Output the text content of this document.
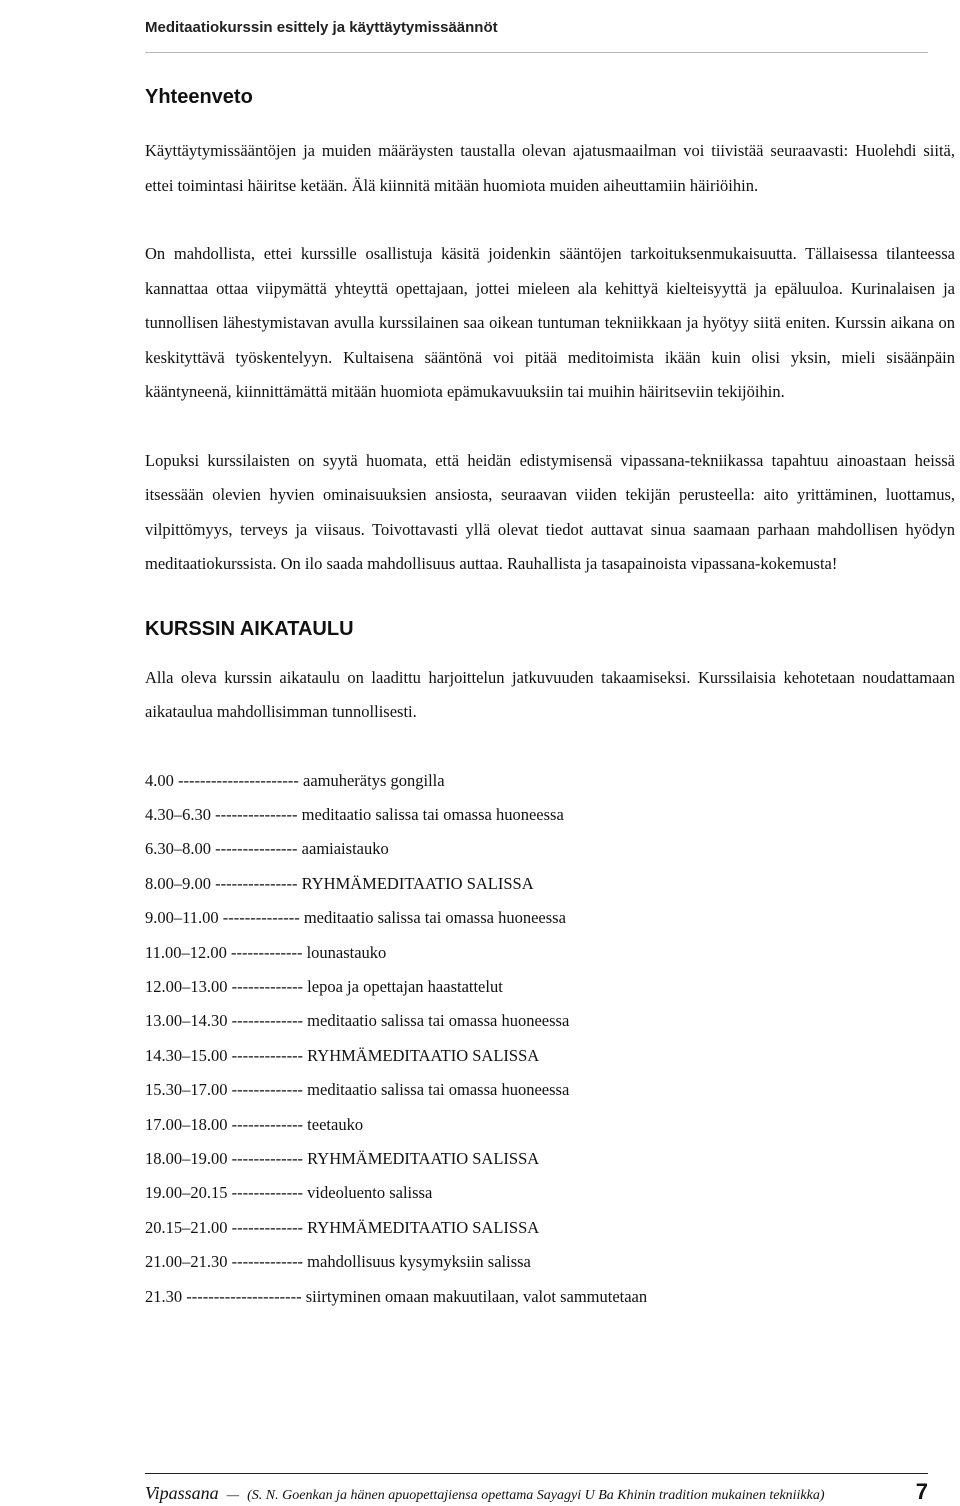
Meditaatiokurssin esittely ja käyttäytymissäännöt
Yhteenveto

Käyttäytymissääntöjen ja muiden määräysten taustalla olevan ajatusmaailman voi tiivistää seuraavasti: Huolehdi siitä, ettei toimintasi häiritse ketään. Älä kiinnitä mitään huomiota muiden aiheuttamiin häiriöihin.

On mahdollista, ettei kurssille osallistuja käsitä joidenkin sääntöjen tarkoituksenmukaisuutta. Tällaisessa tilanteessa kannattaa ottaa viipymättä yhteyttä opettajaan, jottei mieleen ala kehittyä kielteisyyttä ja epäluuloa. Kurinalaisen ja tunnollisen lähestymistavan avulla kurssilainen saa oikean tuntuman tekniikkaan ja hyötyy siitä eniten. Kurssin aikana on keskityttävä työskentelyyn. Kultaisena sääntönä voi pitää meditoimista ikään kuin olisi yksin, mieli sisäänpäin kääntyneenä, kiinnittämättä mitään huomiota epämukavuuksiin tai muihin häiritseviin tekijöihin.

Lopuksi kurssilaisten on syytä huomata, että heidän edistymisensä vipassana-tekniikassa tapahtuu ainoastaan heissä itsessään olevien hyvien ominaisuuksien ansiosta, seuraavan viiden tekijän perusteella: aito yrittäminen, luottamus, vilpittömyys, terveys ja viisaus. Toivottavasti yllä olevat tiedot auttavat sinua saamaan parhaan mahdollisen hyödyn meditaatiokurssista. On ilo saada mahdollisuus auttaa. Rauhallista ja tasapainoista vipassana-kokemusta!

KURSSIN AIKATAULU

Alla oleva kurssin aikataulu on laadittu harjoittelun jatkuvuuden takaamiseksi. Kurssilaisia kehotetaan noudattamaan aikataulua mahdollisimman tunnollisesti.

4.00 ---------------------- aamuherätys gongilla
4.30–6.30 --------------- meditaatio salissa tai omassa huoneessa
6.30–8.00 --------------- aamiaistauko
8.00–9.00 --------------- RYHMÄMEDITAATIO SALISSA
9.00–11.00 -------------- meditaatio salissa tai omassa huoneessa
11.00–12.00 ------------- lounastauko
12.00–13.00 ------------- lepoa ja opettajan haastattelut
13.00–14.30 ------------- meditaatio salissa tai omassa huoneessa
14.30–15.00 ------------- RYHMÄMEDITAATIO SALISSA
15.30–17.00 ------------- meditaatio salissa tai omassa huoneessa
17.00–18.00 ------------- teetauko
18.00–19.00 ------------- RYHMÄMEDITAATIO SALISSA
19.00–20.15 ------------- videoluento salissa
20.15–21.00 ------------- RYHMÄMEDITAATIO SALISSA
21.00–21.30 ------------- mahdollisuus kysymyksiin salissa
21.30 --------------------- siirtyminen omaan makuutilaan, valot sammutetaan
Vipassana — (S. N. Goenkan ja hänen apuopettajiensa opettama Sayagyi U Ba Khinin tradition mukainen tekniikka)	7
